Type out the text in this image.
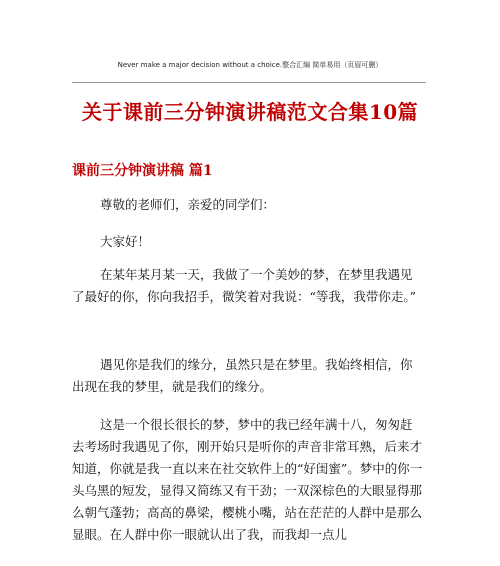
Never make a major decision without a choice.整合汇编 简单易用（页眉可删）
关于课前三分钟演讲稿范文合集10篇
课前三分钟演讲稿 篇1

尊敬的老师们，亲爱的同学们：

大家好！

在某年某月某一天，我做了一个美妙的梦，在梦里我遇见了最好的你，你向我招手，微笑着对我说：“等我，我带你走。”

遇见你是我们的缘分，虽然只是在梦里。我始终相信，你出现在我的梦里，就是我们的缘分。

这是一个很长很长的梦，梦中的我已经年满十八，匆匆赶去考场时我遇见了你，刚开始只是听你的声音非常耳熟，后来才知道，你就是我一直以来在社交软件上的“好闺蜜”。梦中的你一头乌黑的短发，显得又简练又有干劲；一双深棕色的大眼显得那么朝气蓬勃；高高的鼻梁，樱桃小嘴，站在茫茫的人群中是那么显眼。在人群中你一眼就认出了我，而我却一点儿
